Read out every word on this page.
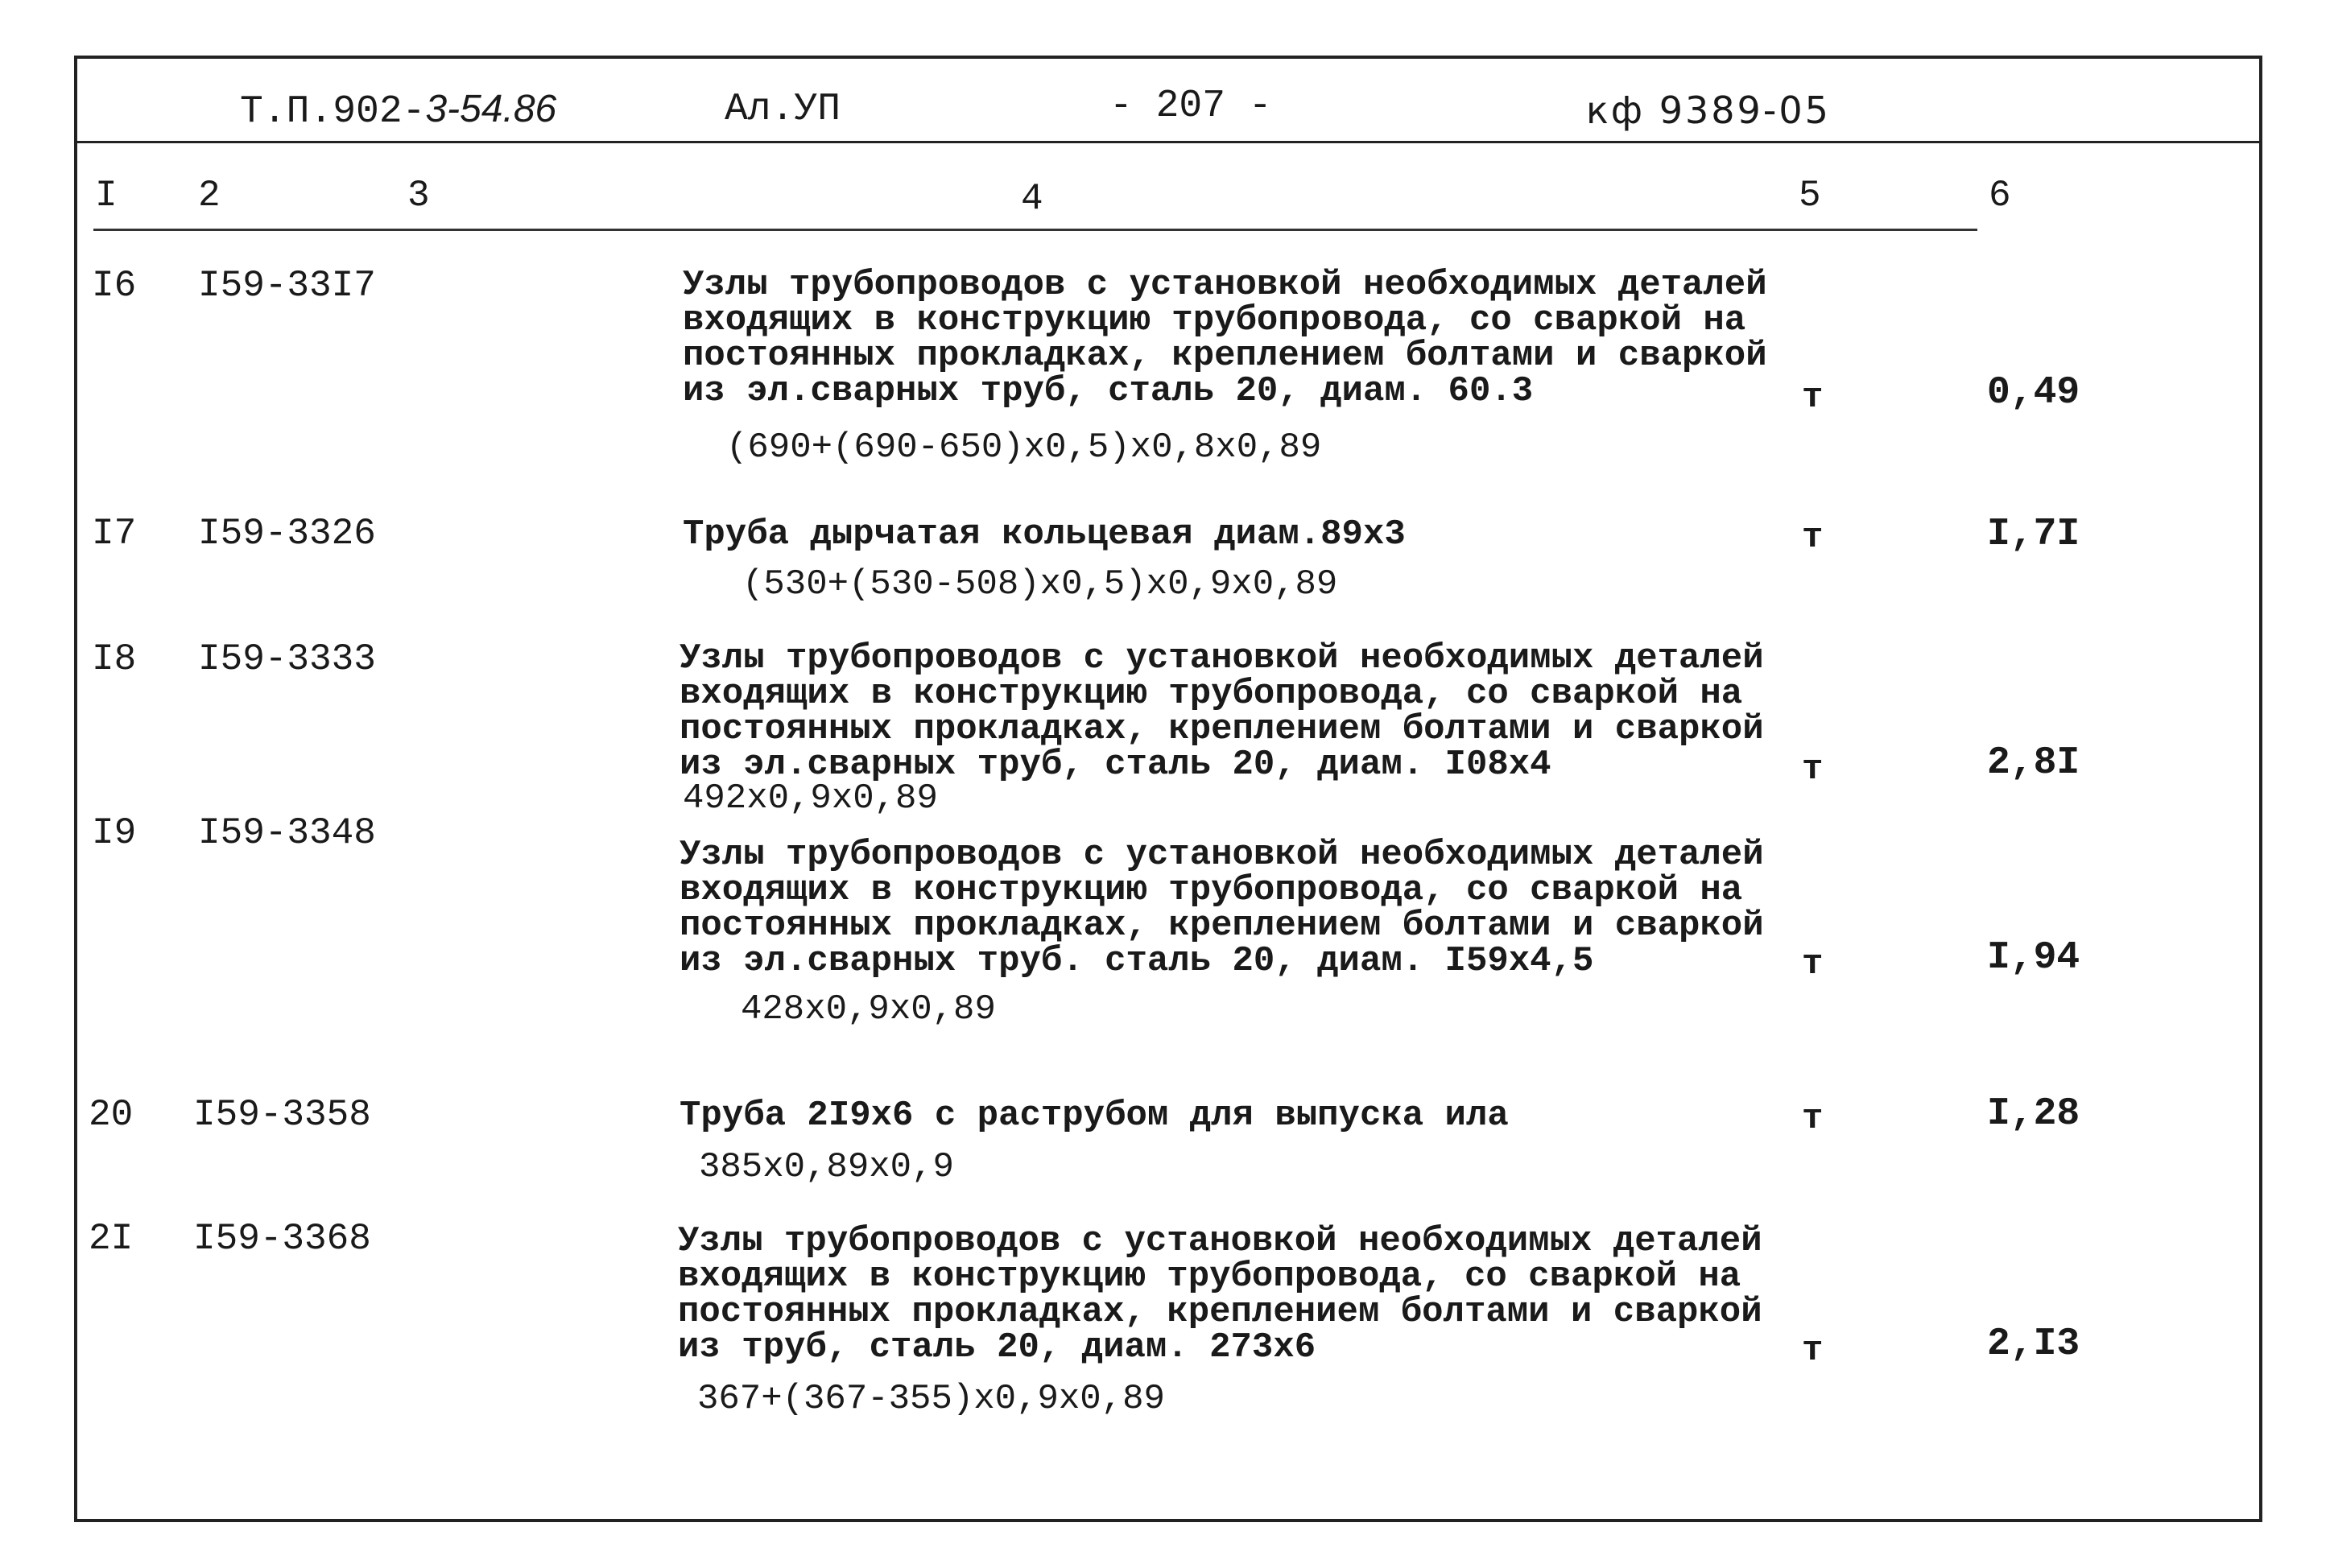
Т.П.902-3-54.86	Ал.УП	- 207 -	кф 9389-05
I 2	3	4	5	6
I6 I59-33I7	Узлы трубопроводов с установкой необходимых деталей
входящих в конструкцию трубопровода, со сваркой на
постоянных прокладках, креплением болтами и сваркой
из эл.сварных труб, сталь 20, диам. 60.3
(690+(690-650)x0,5)x0,8x0,89
т	0,49
I7 I59-3326	Труба дырчатая кольцевая диам.89x3
(530+(530-508)x0,5)x0,9x0,89
т	I,7I
I8 I59-3333	Узлы трубопроводов с установкой необходимых деталей
входящих в конструкцию трубопровода, со сваркой на
постоянных прокладках, креплением болтами и сваркой
из эл.сварных труб, сталь 20, диам. I08x4
492x0,9x0,89
т	2,8I
I9 I59-3348
Узлы трубопроводов с установкой необходимых деталей
входящих в конструкцию трубопровода, со сваркой на
постоянных прокладках, креплением болтами и сваркой
из эл.сварных труб. сталь 20, диам. I59x4,5
428x0,9x0,89
т	I,94
20 I59-3358	Труба 2I9x6 с раструбом для выпуска ила
385x0,89x0,9
т	I,28
2I I59-3368	Узлы трубопроводов с установкой необходимых деталей
входящих в конструкцию трубопровода, со сваркой на
постоянных прокладках, креплением болтами и сваркой
из труб, сталь 20, диам. 273x6
367+(367-355)x0,9x0,89
т	2,I3
